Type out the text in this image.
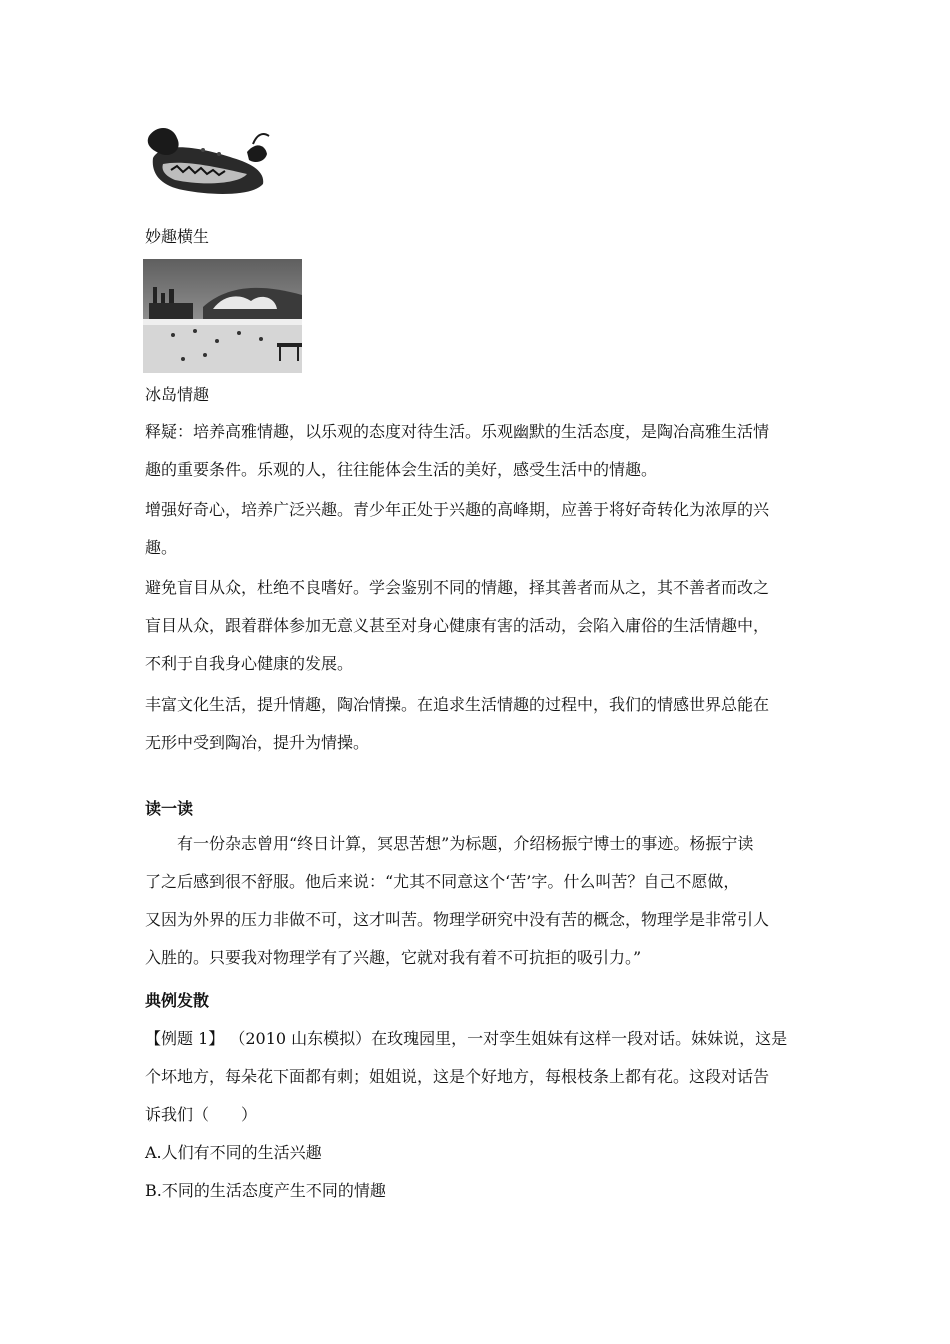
妙趣横生
冰岛情趣
释疑：培养高雅情趣，以乐观的态度对待生活。乐观幽默的生活态度，是陶冶高雅生活情
趣的重要条件。乐观的人，往往能体会生活的美好，感受生活中的情趣。
增强好奇心，培养广泛兴趣。青少年正处于兴趣的高峰期，应善于将好奇转化为浓厚的兴
趣。
避免盲目从众，杜绝不良嗜好。学会鉴别不同的情趣，择其善者而从之，其不善者而改之
盲目从众，跟着群体参加无意义甚至对身心健康有害的活动，会陷入庸俗的生活情趣中，
不利于自我身心健康的发展。
丰富文化生活，提升情趣，陶冶情操。在追求生活情趣的过程中，我们的情感世界总能在
无形中受到陶冶，提升为情操。
读一读
有一份杂志曾用“终日计算，冥思苦想”为标题，介绍杨振宁博士的事迹。杨振宁读
了之后感到很不舒服。他后来说：“尤其不同意这个‘苦’字。什么叫苦？自己不愿做，
又因为外界的压力非做不可，这才叫苦。物理学研究中没有苦的概念，物理学是非常引人
入胜的。只要我对物理学有了兴趣，它就对我有着不可抗拒的吸引力。”
典例发散
【例题 1】 （2010 山东模拟）在玫瑰园里，一对孪生姐妹有这样一段对话。妹妹说，这是
个坏地方，每朵花下面都有刺；姐姐说，这是个好地方，每根枝条上都有花。这段对话告
诉我们（　　）
A.人们有不同的生活兴趣
B.不同的生活态度产生不同的情趣
